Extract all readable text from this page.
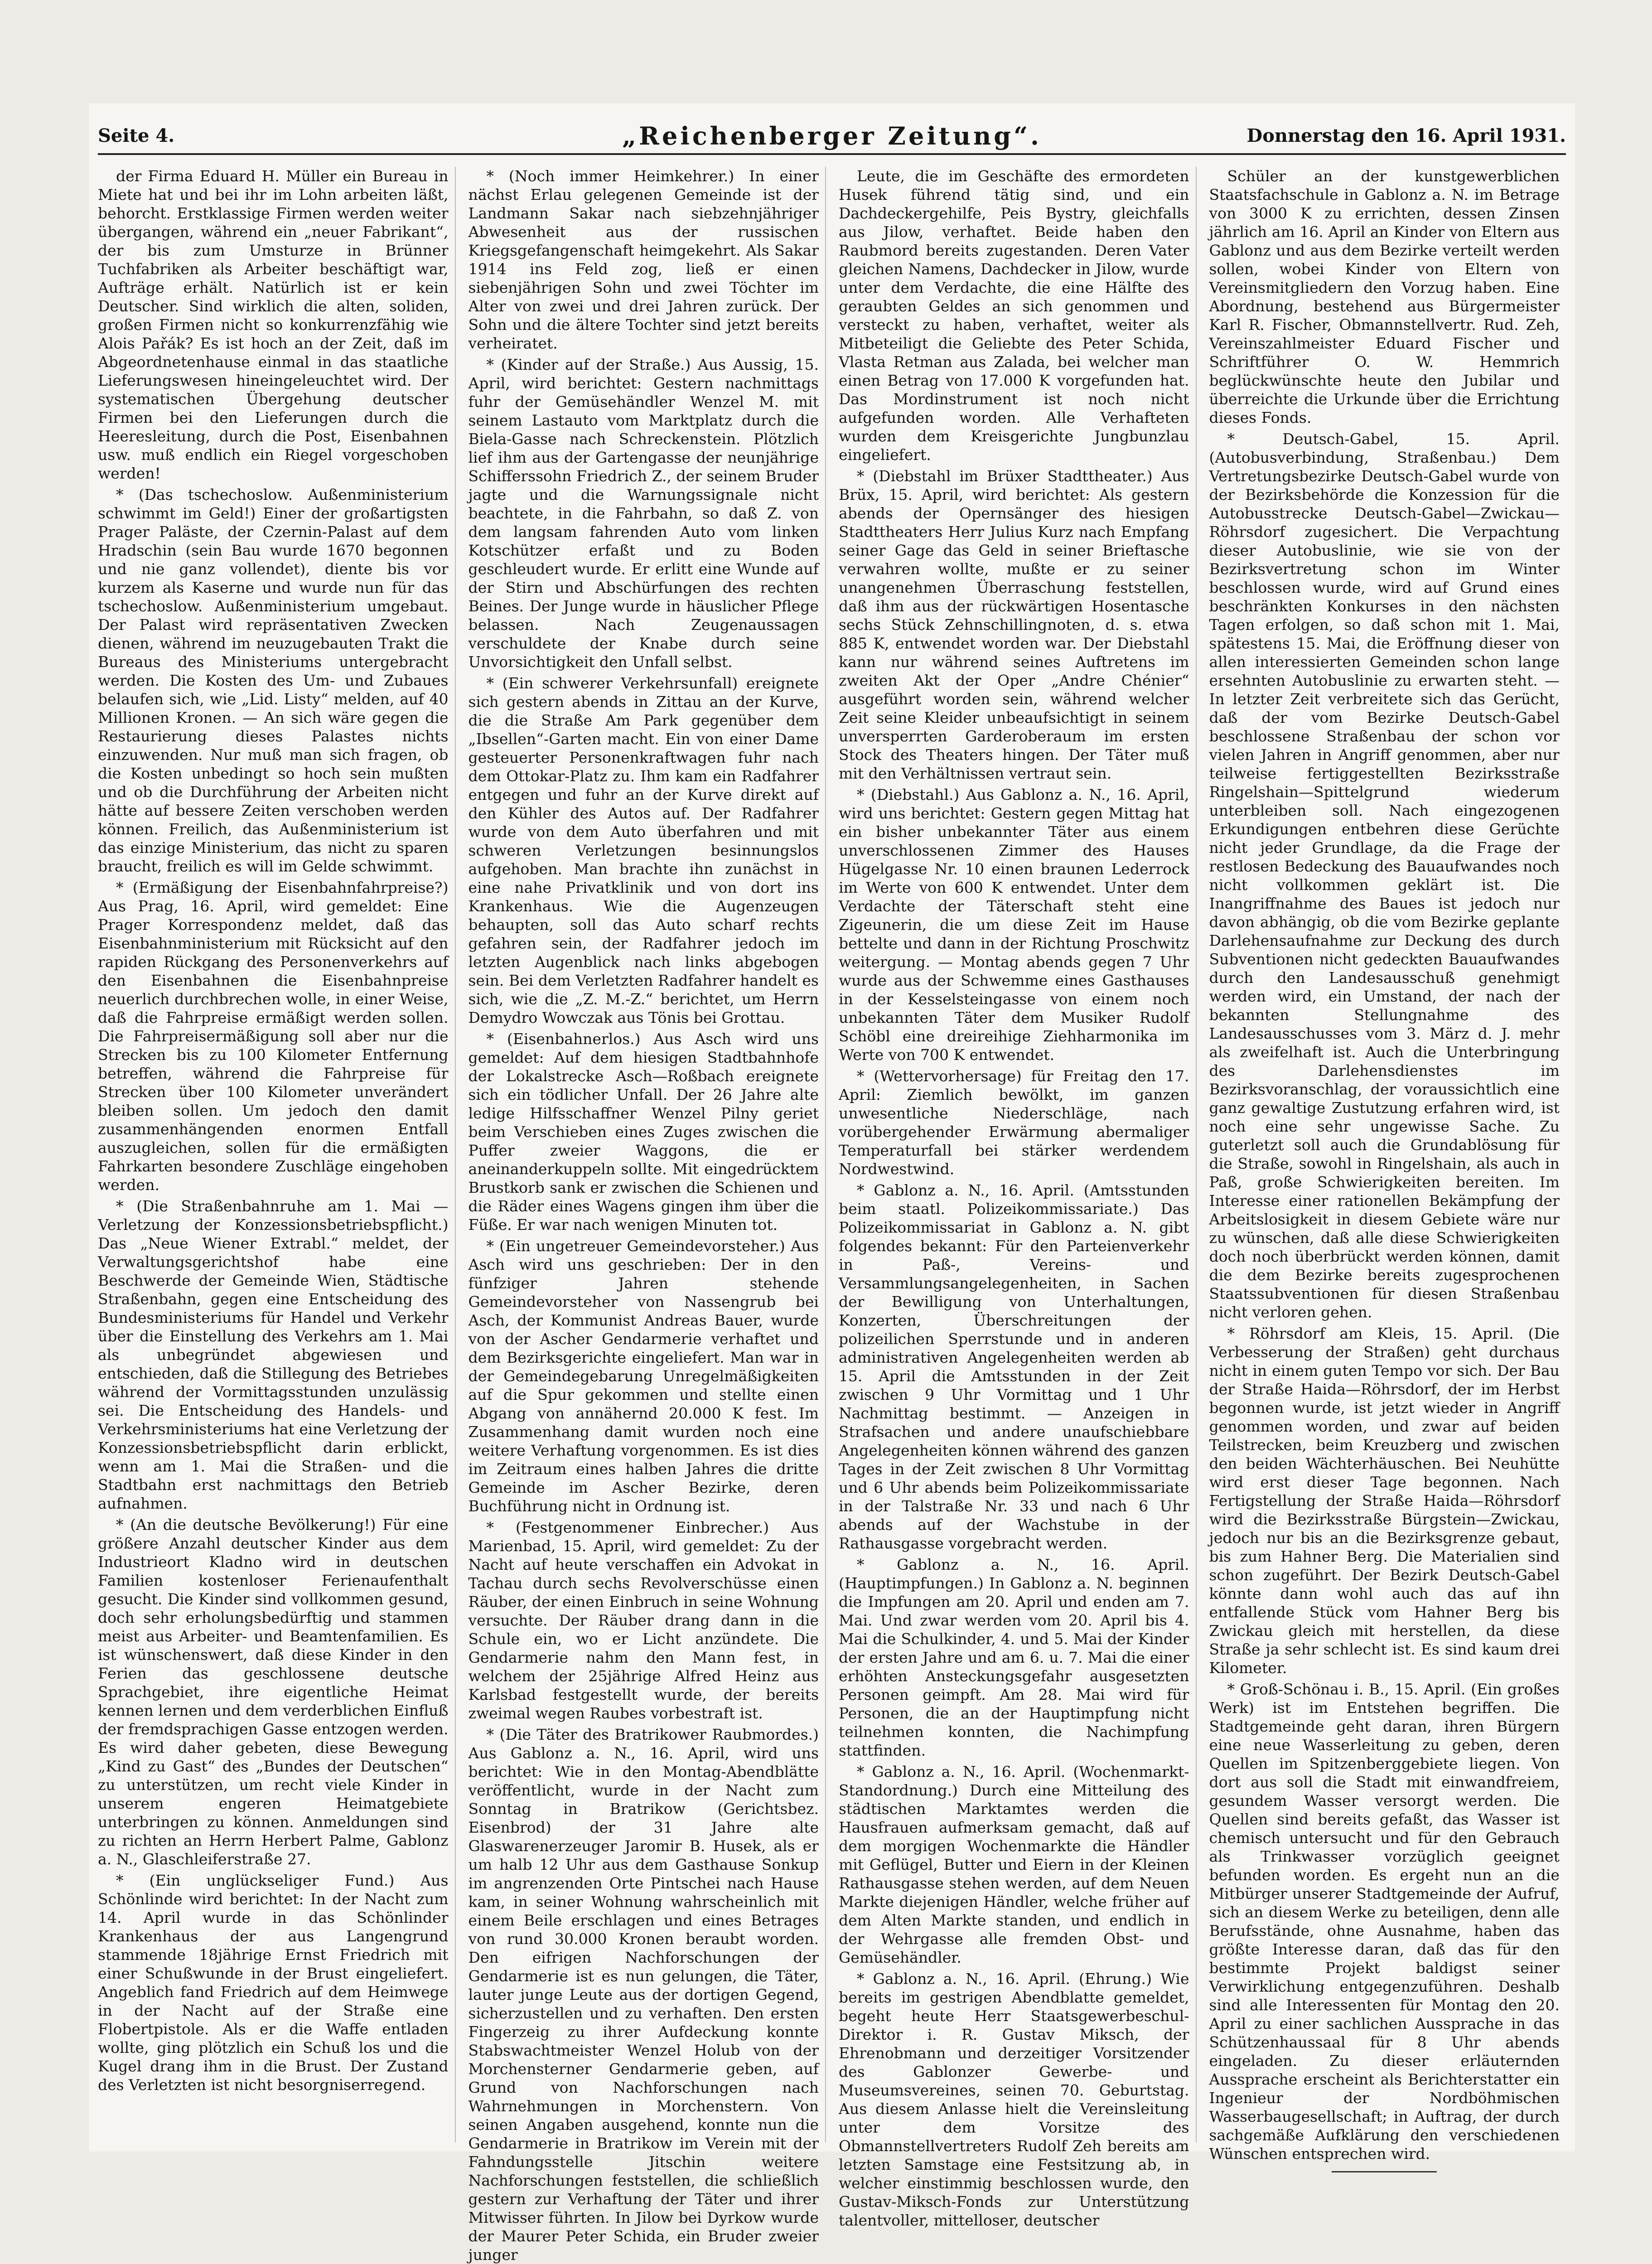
Seite 4.	„Reichenberger Zeitung“.	Donnerstag den 16. April 1931.

der Firma Eduard H. Müller ein Bureau in Miete hat und bei ihr im Lohn arbeiten läßt, behorcht. Erstklassige Firmen werden weiter übergangen, während ein „neuer Fabrikant“, der bis zum Umsturze in Brünner Tuchfabriken als Arbeiter beschäftigt war, Aufträge erhält. Natürlich ist er kein Deutscher. Sind wirklich die alten, soliden, großen Firmen nicht so konkurrenzfähig wie Alois Pařák? Es ist hoch an der Zeit, daß im Abgeordnetenhause einmal in das staatliche Lieferungswesen hineingeleuchtet wird. Der systematischen Übergehung deutscher Firmen bei den Lieferungen durch die Heeresleitung, durch die Post, Eisenbahnen usw. muß endlich ein Riegel vorgeschoben werden!

* (Das tschechoslow. Außenministerium schwimmt im Geld!) Einer der großartigsten Prager Paläste, der Czernin-Palast auf dem Hradschin (sein Bau wurde 1670 begonnen und nie ganz vollendet), diente bis vor kurzem als Kaserne und wurde nun für das tschechoslow. Außenministerium umgebaut. Der Palast wird repräsentativen Zwecken dienen, während im neuzugebauten Trakt die Bureaus des Ministeriums untergebracht werden. Die Kosten des Um- und Zubaues belaufen sich, wie „Lid. Listy“ melden, auf 40 Millionen Kronen. — An sich wäre gegen die Restaurierung dieses Palastes nichts einzuwenden. Nur muß man sich fragen, ob die Kosten unbedingt so hoch sein mußten und ob die Durchführung der Arbeiten nicht hätte auf bessere Zeiten verschoben werden können. Freilich, das Außenministerium ist das einzige Ministerium, das nicht zu sparen braucht, freilich es will im Gelde schwimmt.

* (Ermäßigung der Eisenbahnfahrpreise?) Aus Prag, 16. April, wird gemeldet: Eine Prager Korrespondenz meldet, daß das Eisenbahnministerium mit Rücksicht auf den rapiden Rückgang des Personenverkehrs auf den Eisenbahnen die Eisenbahnpreise neuerlich durchbrechen wolle, in einer Weise, daß die Fahrpreise ermäßigt werden sollen. Die Fahrpreisermäßigung soll aber nur die Strecken bis zu 100 Kilometer Entfernung betreffen, während die Fahrpreise für Strecken über 100 Kilometer unverändert bleiben sollen. Um jedoch den damit zusammenhängenden enormen Entfall auszugleichen, sollen für die ermäßigten Fahrkarten besondere Zuschläge eingehoben werden.

* (Die Straßenbahnruhe am 1. Mai — Verletzung der Konzessionsbetriebspflicht.) Das „Neue Wiener Extrabl.“ meldet, der Verwaltungsgerichtshof habe eine Beschwerde der Gemeinde Wien, Städtische Straßenbahn, gegen eine Entscheidung des Bundesministeriums für Handel und Verkehr über die Einstellung des Verkehrs am 1. Mai als unbegründet abgewiesen und entschieden, daß die Stillegung des Betriebes während der Vormittagsstunden unzulässig sei. Die Entscheidung des Handels- und Verkehrsministeriums hat eine Verletzung der Konzessionsbetriebspflicht darin erblickt, wenn am 1. Mai die Straßen- und die Stadtbahn erst nachmittags den Betrieb aufnahmen.

* (An die deutsche Bevölkerung!) Für eine größere Anzahl deutscher Kinder aus dem Industrieort Kladno wird in deutschen Familien kostenloser Ferienaufenthalt gesucht. Die Kinder sind vollkommen gesund, doch sehr erholungsbedürftig und stammen meist aus Arbeiter- und Beamtenfamilien. Es ist wünschenswert, daß diese Kinder in den Ferien das geschlossene deutsche Sprachgebiet, ihre eigentliche Heimat kennen lernen und dem verderblichen Einfluß der fremdsprachigen Gasse entzogen werden. Es wird daher gebeten, diese Bewegung „Kind zu Gast“ des „Bundes der Deutschen“ zu unterstützen, um recht viele Kinder in unserem engeren Heimatgebiete unterbringen zu können. Anmeldungen sind zu richten an Herrn Herbert Palme, Gablonz a. N., Glaschleiferstraße 27.

* (Ein unglückseliger Fund.) Aus Schönlinde wird berichtet: In der Nacht zum 14. April wurde in das Schönlinder Krankenhaus der aus Langengrund stammende 18jährige Ernst Friedrich mit einer Schußwunde in der Brust eingeliefert. Angeblich fand Friedrich auf dem Heimwege in der Nacht auf der Straße eine Flobertpistole. Als er die Waffe entladen wollte, ging plötzlich ein Schuß los und die Kugel drang ihm in die Brust. Der Zustand des Verletzten ist nicht besorgniserregend.

* (Noch immer Heimkehrer.) In einer nächst Erlau gelegenen Gemeinde ist der Landmann Sakar nach siebzehnjähriger Abwesenheit aus der russischen Kriegsgefangenschaft heimgekehrt. Als Sakar 1914 ins Feld zog, ließ er einen siebenjährigen Sohn und zwei Töchter im Alter von zwei und drei Jahren zurück. Der Sohn und die ältere Tochter sind jetzt bereits verheiratet.

* (Kinder auf der Straße.) Aus Aussig, 15. April, wird berichtet: Gestern nachmittags fuhr der Gemüsehändler Wenzel M. mit seinem Lastauto vom Marktplatz durch die Biela-Gasse nach Schreckenstein. Plötzlich lief ihm aus der Gartengasse der neunjährige Schifferssohn Friedrich Z., der seinem Bruder jagte und die Warnungssignale nicht beachtete, in die Fahrbahn, so daß Z. von dem langsam fahrenden Auto vom linken Kotschützer erfaßt und zu Boden geschleudert wurde. Er erlitt eine Wunde auf der Stirn und Abschürfungen des rechten Beines. Der Junge wurde in häuslicher Pflege belassen. Nach Zeugenaussagen verschuldete der Knabe durch seine Unvorsichtigkeit den Unfall selbst.

* (Ein schwerer Verkehrsunfall) ereignete sich gestern abends in Zittau an der Kurve, die die Straße Am Park gegenüber dem „Ibsellen“-Garten macht. Ein von einer Dame gesteuerter Personenkraftwagen fuhr nach dem Ottokar-Platz zu. Ihm kam ein Radfahrer entgegen und fuhr an der Kurve direkt auf den Kühler des Autos auf. Der Radfahrer wurde von dem Auto überfahren und mit schweren Verletzungen besinnungslos aufgehoben. Man brachte ihn zunächst in eine nahe Privatklinik und von dort ins Krankenhaus. Wie die Augenzeugen behaupten, soll das Auto scharf rechts gefahren sein, der Radfahrer jedoch im letzten Augenblick nach links abgebogen sein. Bei dem Verletzten Radfahrer handelt es sich, wie die „Z. M.-Z.“ berichtet, um Herrn Demydro Wowczak aus Tönis bei Grottau.

* (Eisenbahnerlos.) Aus Asch wird uns gemeldet: Auf dem hiesigen Stadtbahnhofe der Lokalstrecke Asch—Roßbach ereignete sich ein tödlicher Unfall. Der 26 Jahre alte ledige Hilfsschaffner Wenzel Pilny geriet beim Verschieben eines Zuges zwischen die Puffer zweier Waggons, die er aneinanderkuppeln sollte. Mit eingedrücktem Brustkorb sank er zwischen die Schienen und die Räder eines Wagens gingen ihm über die Füße. Er war nach wenigen Minuten tot.

* (Ein ungetreuer Gemeindevorsteher.) Aus Asch wird uns geschrieben: Der in den fünfziger Jahren stehende Gemeindevorsteher von Nassengrub bei Asch, der Kommunist Andreas Bauer, wurde von der Ascher Gendarmerie verhaftet und dem Bezirksgerichte eingeliefert. Man war in der Gemeindegebarung Unregelmäßigkeiten auf die Spur gekommen und stellte einen Abgang von annähernd 20.000 K fest. Im Zusammenhang damit wurden noch eine weitere Verhaftung vorgenommen. Es ist dies im Zeitraum eines halben Jahres die dritte Gemeinde im Ascher Bezirke, deren Buchführung nicht in Ordnung ist.

* (Festgenommener Einbrecher.) Aus Marienbad, 15. April, wird gemeldet: Zu der Nacht auf heute verschaffen ein Advokat in Tachau durch sechs Revolverschüsse einen Räuber, der einen Einbruch in seine Wohnung versuchte. Der Räuber drang dann in die Schule ein, wo er Licht anzündete. Die Gendarmerie nahm den Mann fest, in welchem der 25jährige Alfred Heinz aus Karlsbad festgestellt wurde, der bereits zweimal wegen Raubes vorbestraft ist.

* (Die Täter des Bratrikower Raubmordes.) Aus Gablonz a. N., 16. April, wird uns berichtet: Wie in den Montag-Abendblätte veröffentlicht, wurde in der Nacht zum Sonntag in Bratrikow (Gerichtsbez. Eisenbrod) der 31 Jahre alte Glaswarenerzeuger Jaromir B. Husek, als er um halb 12 Uhr aus dem Gasthause Sonkup im angrenzenden Orte Pintschei nach Hause kam, in seiner Wohnung wahrscheinlich mit einem Beile erschlagen und eines Betrages von rund 30.000 Kronen beraubt worden. Den eifrigen Nachforschungen der Gendarmerie ist es nun gelungen, die Täter, lauter junge Leute aus der dortigen Gegend, sicherzustellen und zu verhaften. Den ersten Fingerzeig zu ihrer Aufdeckung konnte Stabswachtmeister Wenzel Holub von der Morchensterner Gendarmerie geben, auf Grund von Nachforschungen nach Wahrnehmungen in Morchenstern. Von seinen Angaben ausgehend, konnte nun die Gendarmerie in Bratrikow im Verein mit der Fahndungsstelle Jitschin weitere Nachforschungen feststellen, die schließlich gestern zur Verhaftung der Täter und ihrer Mitwisser führten. In Jilow bei Dyrkow wurde der Maurer Peter Schida, ein Bruder zweier junger

Leute, die im Geschäfte des ermordeten Husek führend tätig sind, und ein Dachdeckergehilfe, Peis Bystry, gleichfalls aus Jilow, verhaftet. Beide haben den Raubmord bereits zugestanden. Deren Vater gleichen Namens, Dachdecker in Jilow, wurde unter dem Verdachte, die eine Hälfte des geraubten Geldes an sich genommen und versteckt zu haben, verhaftet, weiter als Mitbeteiligt die Geliebte des Peter Schida, Vlasta Retman aus Zalada, bei welcher man einen Betrag von 17.000 K vorgefunden hat. Das Mordinstrument ist noch nicht aufgefunden worden. Alle Verhafteten wurden dem Kreisgerichte Jungbunzlau eingeliefert.

* (Diebstahl im Brüxer Stadttheater.) Aus Brüx, 15. April, wird berichtet: Als gestern abends der Opernsänger des hiesigen Stadttheaters Herr Julius Kurz nach Empfang seiner Gage das Geld in seiner Brieftasche verwahren wollte, mußte er zu seiner unangenehmen Überraschung feststellen, daß ihm aus der rückwärtigen Hosentasche sechs Stück Zehnschillingnoten, d. s. etwa 885 K, entwendet worden war. Der Diebstahl kann nur während seines Auftretens im zweiten Akt der Oper „Andre Chénier“ ausgeführt worden sein, während welcher Zeit seine Kleider unbeaufsichtigt in seinem unversperrten Garderoberaum im ersten Stock des Theaters hingen. Der Täter muß mit den Verhältnissen vertraut sein.

* (Diebstahl.) Aus Gablonz a. N., 16. April, wird uns berichtet: Gestern gegen Mittag hat ein bisher unbekannter Täter aus einem unverschlossenen Zimmer des Hauses Hügelgasse Nr. 10 einen braunen Lederrock im Werte von 600 K entwendet. Unter dem Verdachte der Täterschaft steht eine Zigeunerin, die um diese Zeit im Hause bettelte und dann in der Richtung Proschwitz weitergung. — Montag abends gegen 7 Uhr wurde aus der Schwemme eines Gasthauses in der Kesselsteingasse von einem noch unbekannten Täter dem Musiker Rudolf Schöbl eine dreireihige Ziehharmonika im Werte von 700 K entwendet.

* (Wettervorhersage) für Freitag den 17. April: Ziemlich bewölkt, im ganzen unwesentliche Niederschläge, nach vorübergehender Erwärmung abermaliger Temperaturfall bei stärker werdendem Nordwestwind.

* Gablonz a. N., 16. April. (Amtsstunden beim staatl. Polizeikommissariate.) Das Polizeikommissariat in Gablonz a. N. gibt folgendes bekannt: Für den Parteienverkehr in Paß-, Vereins- und Versammlungsangelegenheiten, in Sachen der Bewilligung von Unterhaltungen, Konzerten, Überschreitungen der polizeilichen Sperrstunde und in anderen administrativen Angelegenheiten werden ab 15. April die Amtsstunden in der Zeit zwischen 9 Uhr Vormittag und 1 Uhr Nachmittag bestimmt. — Anzeigen in Strafsachen und andere unaufschiebbare Angelegenheiten können während des ganzen Tages in der Zeit zwischen 8 Uhr Vormittag und 6 Uhr abends beim Polizeikommissariate in der Talstraße Nr. 33 und nach 6 Uhr abends auf der Wachstube in der Rathausgasse vorgebracht werden.

* Gablonz a. N., 16. April. (Hauptimpfungen.) In Gablonz a. N. beginnen die Impfungen am 20. April und enden am 7. Mai. Und zwar werden vom 20. April bis 4. Mai die Schulkinder, 4. und 5. Mai der Kinder der ersten Jahre und am 6. u. 7. Mai die einer erhöhten Ansteckungsgefahr ausgesetzten Personen geimpft. Am 28. Mai wird für Personen, die an der Hauptimpfung nicht teilnehmen konnten, die Nachimpfung stattfinden.

* Gablonz a. N., 16. April. (Wochenmarkt-Standordnung.) Durch eine Mitteilung des städtischen Marktamtes werden die Hausfrauen aufmerksam gemacht, daß auf dem morgigen Wochenmarkte die Händler mit Geflügel, Butter und Eiern in der Kleinen Rathausgasse stehen werden, auf dem Neuen Markte diejenigen Händler, welche früher auf dem Alten Markte standen, und endlich in der Wehrgasse alle fremden Obst- und Gemüsehändler.

* Gablonz a. N., 16. April. (Ehrung.) Wie bereits im gestrigen Abendblatte gemeldet, begeht heute Herr Staatsgewerbeschul-Direktor i. R. Gustav Miksch, der Ehrenobmann und derzeitiger Vorsitzender des Gablonzer Gewerbe- und Museumsvereines, seinen 70. Geburtstag. Aus diesem Anlasse hielt die Vereinsleitung unter dem Vorsitze des Obmannstellvertreters Rudolf Zeh bereits am letzten Samstage eine Festsitzung ab, in welcher einstimmig beschlossen wurde, den Gustav-Miksch-Fonds zur Unterstützung talentvoller, mittelloser, deutscher

Schüler an der kunstgewerblichen Staatsfachschule in Gablonz a. N. im Betrage von 3000 K zu errichten, dessen Zinsen jährlich am 16. April an Kinder von Eltern aus Gablonz und aus dem Bezirke verteilt werden sollen, wobei Kinder von Eltern von Vereinsmitgliedern den Vorzug haben. Eine Abordnung, bestehend aus Bürgermeister Karl R. Fischer, Obmannstellvertr. Rud. Zeh, Vereinszahlmeister Eduard Fischer und Schriftführer O. W. Hemmrich beglückwünschte heute den Jubilar und überreichte die Urkunde über die Errichtung dieses Fonds.

* Deutsch-Gabel, 15. April. (Autobusverbindung, Straßenbau.) Dem Vertretungsbezirke Deutsch-Gabel wurde von der Bezirksbehörde die Konzession für die Autobusstrecke Deutsch-Gabel—Zwickau—Röhrsdorf zugesichert. Die Verpachtung dieser Autobuslinie, wie sie von der Bezirksvertretung schon im Winter beschlossen wurde, wird auf Grund eines beschränkten Konkurses in den nächsten Tagen erfolgen, so daß schon mit 1. Mai, spätestens 15. Mai, die Eröffnung dieser von allen interessierten Gemeinden schon lange ersehnten Autobuslinie zu erwarten steht. — In letzter Zeit verbreitete sich das Gerücht, daß der vom Bezirke Deutsch-Gabel beschlossene Straßenbau der schon vor vielen Jahren in Angriff genommen, aber nur teilweise fertiggestellten Bezirksstraße Ringelshain—Spittelgrund wiederum unterbleiben soll. Nach eingezogenen Erkundigungen entbehren diese Gerüchte nicht jeder Grundlage, da die Frage der restlosen Bedeckung des Bauaufwandes noch nicht vollkommen geklärt ist. Die Inangriffnahme des Baues ist jedoch nur davon abhängig, ob die vom Bezirke geplante Darlehensaufnahme zur Deckung des durch Subventionen nicht gedeckten Bauaufwandes durch den Landesausschuß genehmigt werden wird, ein Umstand, der nach der bekannten Stellungnahme des Landesausschusses vom 3. März d. J. mehr als zweifelhaft ist. Auch die Unterbringung des Darlehensdienstes im Bezirksvoranschlag, der voraussichtlich eine ganz gewaltige Zustutzung erfahren wird, ist noch eine sehr ungewisse Sache. Zu guterletzt soll auch die Grundablösung für die Straße, sowohl in Ringelshain, als auch in Paß, große Schwierigkeiten bereiten. Im Interesse einer rationellen Bekämpfung der Arbeitslosigkeit in diesem Gebiete wäre nur zu wünschen, daß alle diese Schwierigkeiten doch noch überbrückt werden können, damit die dem Bezirke bereits zugesprochenen Staatssubventionen für diesen Straßenbau nicht verloren gehen.

* Röhrsdorf am Kleis, 15. April. (Die Verbesserung der Straßen) geht durchaus nicht in einem guten Tempo vor sich. Der Bau der Straße Haida—Röhrsdorf, der im Herbst begonnen wurde, ist jetzt wieder in Angriff genommen worden, und zwar auf beiden Teilstrecken, beim Kreuzberg und zwischen den beiden Wächterhäuschen. Bei Neuhütte wird erst dieser Tage begonnen. Nach Fertigstellung der Straße Haida—Röhrsdorf wird die Bezirksstraße Bürgstein—Zwickau, jedoch nur bis an die Bezirksgrenze gebaut, bis zum Hahner Berg. Die Materialien sind schon zugeführt. Der Bezirk Deutsch-Gabel könnte dann wohl auch das auf ihn entfallende Stück vom Hahner Berg bis Zwickau gleich mit herstellen, da diese Straße ja sehr schlecht ist. Es sind kaum drei Kilometer.

* Groß-Schönau i. B., 15. April. (Ein großes Werk) ist im Entstehen begriffen. Die Stadtgemeinde geht daran, ihren Bürgern eine neue Wasserleitung zu geben, deren Quellen im Spitzenberggebiete liegen. Von dort aus soll die Stadt mit einwandfreiem, gesundem Wasser versorgt werden. Die Quellen sind bereits gefaßt, das Wasser ist chemisch untersucht und für den Gebrauch als Trinkwasser vorzüglich geeignet befunden worden. Es ergeht nun an die Mitbürger unserer Stadtgemeinde der Aufruf, sich an diesem Werke zu beteiligen, denn alle Berufsstände, ohne Ausnahme, haben das größte Interesse daran, daß das für den bestimmte Projekt baldigst seiner Verwirklichung entgegenzuführen. Deshalb sind alle Interessenten für Montag den 20. April zu einer sachlichen Aussprache in das Schützenhaussaal für 8 Uhr abends eingeladen. Zu dieser erläuternden Aussprache erscheint als Berichterstatter ein Ingenieur der Nordböhmischen Wasserbaugesellschaft; in Auftrag, der durch sachgemäße Aufklärung den verschiedenen Wünschen entsprechen wird.
